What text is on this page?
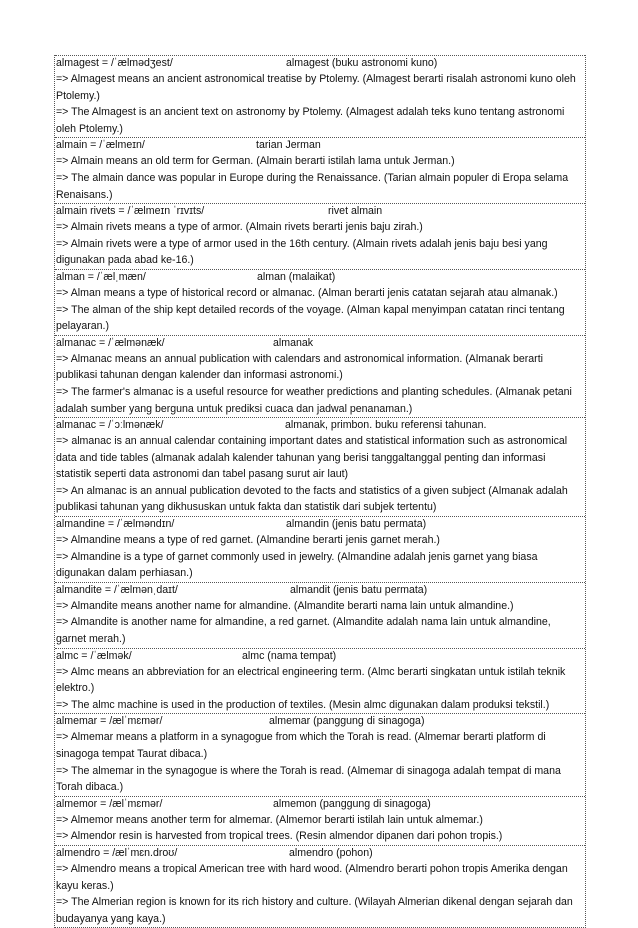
almagest = /ˈælmədʒest/	almagest (buku astronomi kuno)
=> Almagest means an ancient astronomical treatise by Ptolemy. (Almagest berarti risalah astronomi kuno oleh Ptolemy.)
=> The Almagest is an ancient text on astronomy by Ptolemy. (Almagest adalah teks kuno tentang astronomi oleh Ptolemy.)
almain = /ˈælmeɪn/	tarian Jerman
=> Almain means an old term for German. (Almain berarti istilah lama untuk Jerman.)
=> The almain dance was popular in Europe during the Renaissance. (Tarian almain populer di Eropa selama Renaisans.)
almain rivets = /ˈælmeɪn ˈrɪvɪts/	rivet almain
=> Almain rivets means a type of armor. (Almain rivets berarti jenis baju zirah.)
=> Almain rivets were a type of armor used in the 16th century. (Almain rivets adalah jenis baju besi yang digunakan pada abad ke-16.)
alman = /ˈælˌmæn/	alman (malaikat)
=> Alman means a type of historical record or almanac. (Alman berarti jenis catatan sejarah atau almanak.)
=> The alman of the ship kept detailed records of the voyage. (Alman kapal menyimpan catatan rinci tentang pelayaran.)
almanac = /ˈælmənæk/	almanak
=> Almanac means an annual publication with calendars and astronomical information. (Almanak berarti publikasi tahunan dengan kalender dan informasi astronomi.)
=> The farmer's almanac is a useful resource for weather predictions and planting schedules. (Almanak petani adalah sumber yang berguna untuk prediksi cuaca dan jadwal penanaman.)
almanac = /ˈɔːlmənæk/	almanak, primbon. buku referensi tahunan.
=> almanac is an annual calendar containing important dates and statistical information such as astronomical data and tide tables (almanak adalah kalender tahunan yang berisi tanggaltanggal penting dan informasi statistik seperti data astronomi dan tabel pasang surut air laut)
=> An almanac is an annual publication devoted to the facts and statistics of a given subject (Almanak adalah publikasi tahunan yang dikhususkan untuk fakta dan statistik dari subjek tertentu)
almandine = /ˈælməndɪn/	almandin (jenis batu permata)
=> Almandine means a type of red garnet. (Almandine berarti jenis garnet merah.)
=> Almandine is a type of garnet commonly used in jewelry. (Almandine adalah jenis garnet yang biasa digunakan dalam perhiasan.)
almandite = /ˈælmənˌdaɪt/	almandit (jenis batu permata)
=> Almandite means another name for almandine. (Almandite berarti nama lain untuk almandine.)
=> Almandite is another name for almandine, a red garnet. (Almandite adalah nama lain untuk almandine, garnet merah.)
almc = /ˈælmək/	almc (nama tempat)
=> Almc means an abbreviation for an electrical engineering term. (Almc berarti singkatan untuk istilah teknik elektro.)
=> The almc machine is used in the production of textiles. (Mesin almc digunakan dalam produksi tekstil.)
almemar = /ælˈmɛmər/	almemar (panggung di sinagoga)
=> Almemar means a platform in a synagogue from which the Torah is read. (Almemar berarti platform di sinagoga tempat Taurat dibaca.)
=> The almemar in the synagogue is where the Torah is read. (Almemar di sinagoga adalah tempat di mana Torah dibaca.)
almemor = /ælˈmɛmər/	almemon (panggung di sinagoga)
=> Almemor means another term for almemar. (Almemor berarti istilah lain untuk almemar.)
=> Almendor resin is harvested from tropical trees. (Resin almendor dipanen dari pohon tropis.)
almendro = /ælˈmɛn.droʊ/	almendro (pohon)
=> Almendro means a tropical American tree with hard wood. (Almendro berarti pohon tropis Amerika dengan kayu keras.)
=> The Almerian region is known for its rich history and culture. (Wilayah Almerian dikenal dengan sejarah dan budayanya yang kaya.)
